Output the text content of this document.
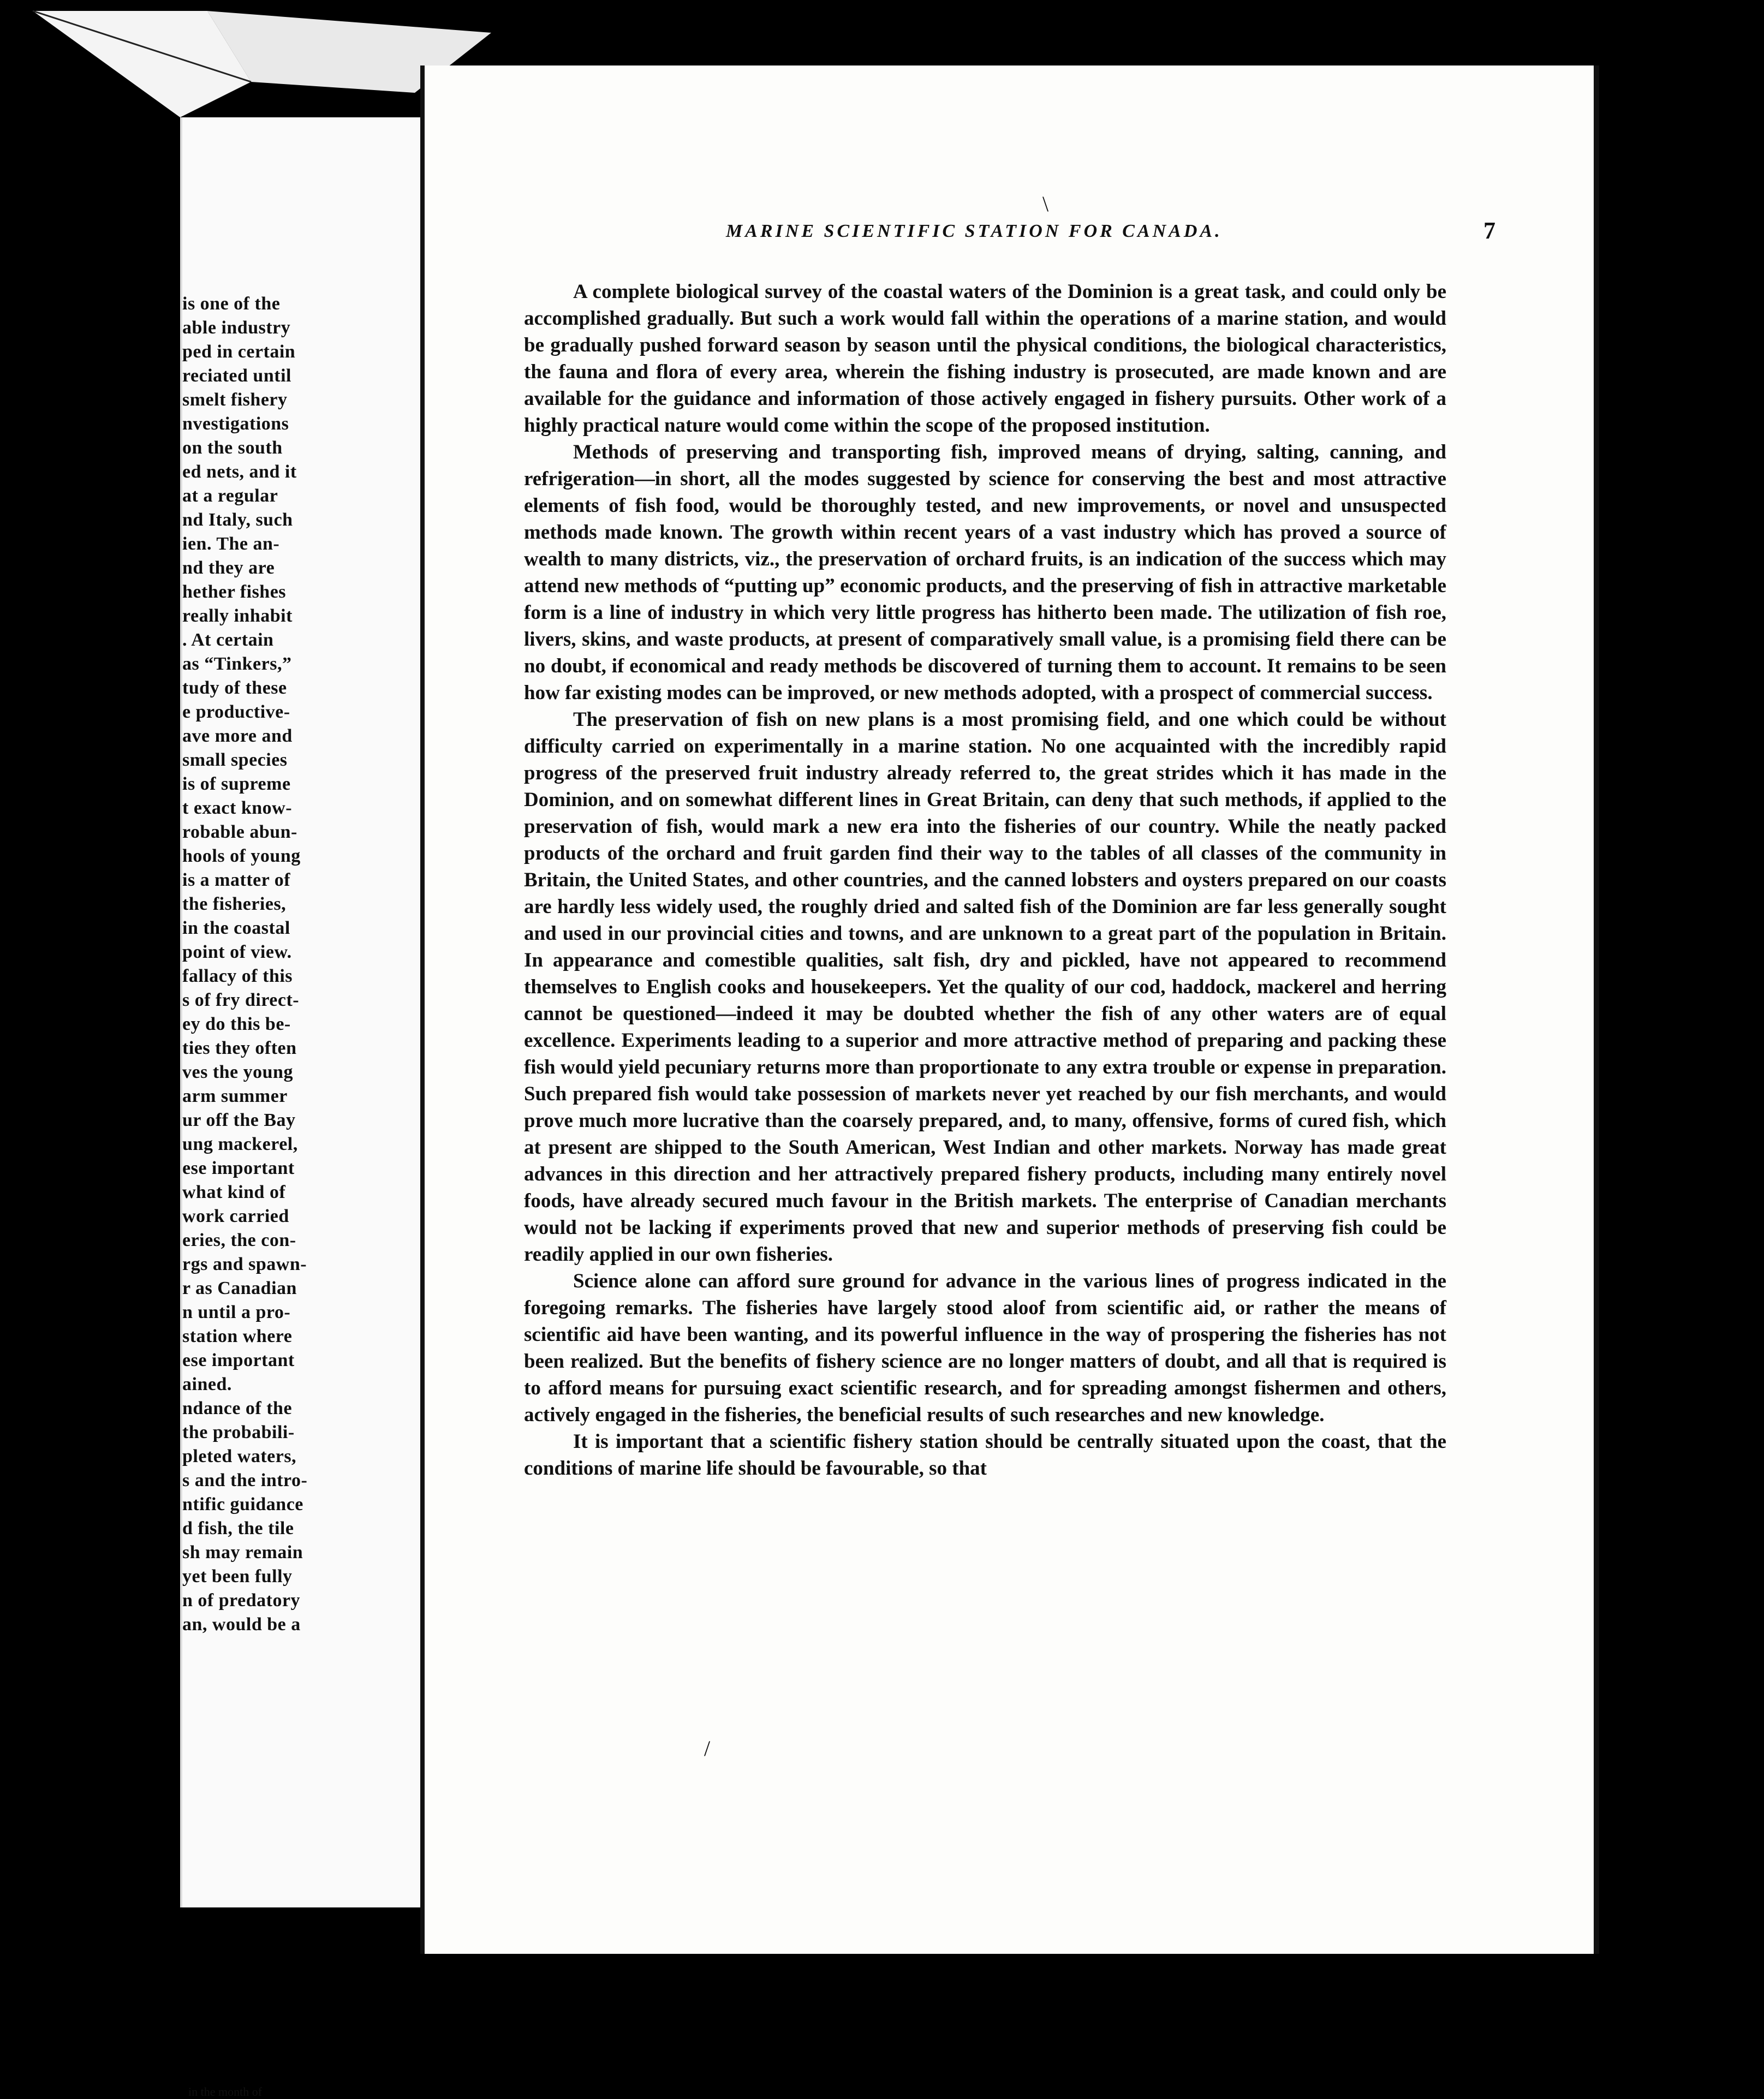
is one of the
able industry
ped in certain
reciated until
smelt fishery
nvestigations
on the south
ed nets, and it
at a regular
nd Italy, such
ien. The an-
nd they are
hether fishes
really inhabit
. At certain
as “Tinkers,”
tudy of these
e productive-
ave more and
small species
is of supreme
t exact know-
robable abun-
hools of young
is a matter of
the fisheries,
in the coastal
point of view.
fallacy of this
s of fry direct-
ey do this be-
ties they often
ves the young
arm summer
ur off the Bay
ung mackerel,
ese important
what kind of
work carried
eries, the con-
rgs and spawn-
r as Canadian
n until a pro-
station where
ese important
ained.
ndance of the
the probabili-
pleted waters,
s and the intro-
ntific guidance
d fish, the tile
sh may remain
yet been fully
n of predatory
an, would be a
in the month of
\
MARINE SCIENTIFIC STATION FOR CANADA.	7

A complete biological survey of the coastal waters of the Dominion is a great task, and could only be accomplished gradually. But such a work would fall within the operations of a marine station, and would be gradually pushed forward season by season until the physical conditions, the biological characteristics, the fauna and flora of every area, wherein the fishing industry is prosecuted, are made known and are available for the guidance and information of those actively engaged in fishery pursuits. Other work of a highly practical nature would come within the scope of the proposed institution.

Methods of preserving and transporting fish, improved means of drying, salting, canning, and refrigeration—in short, all the modes suggested by science for conserving the best and most attractive elements of fish food, would be thoroughly tested, and new improvements, or novel and unsuspected methods made known. The growth within recent years of a vast industry which has proved a source of wealth to many districts, viz., the preservation of orchard fruits, is an indication of the success which may attend new methods of “putting up” economic products, and the preserving of fish in attractive marketable form is a line of industry in which very little progress has hitherto been made. The utilization of fish roe, livers, skins, and waste products, at present of comparatively small value, is a promising field there can be no doubt, if economical and ready methods be discovered of turning them to account. It remains to be seen how far existing modes can be improved, or new methods adopted, with a prospect of commercial success.

The preservation of fish on new plans is a most promising field, and one which could be without difficulty carried on experimentally in a marine station. No one acquainted with the incredibly rapid progress of the preserved fruit industry already referred to, the great strides which it has made in the Dominion, and on somewhat different lines in Great Britain, can deny that such methods, if applied to the preservation of fish, would mark a new era into the fisheries of our country. While the neatly packed products of the orchard and fruit garden find their way to the tables of all classes of the community in Britain, the United States, and other countries, and the canned lobsters and oysters prepared on our coasts are hardly less widely used, the roughly dried and salted fish of the Dominion are far less generally sought and used in our provincial cities and towns, and are unknown to a great part of the population in Britain. In appearance and comestible qualities, salt fish, dry and pickled, have not appeared to recommend themselves to English cooks and housekeepers. Yet the quality of our cod, haddock, mackerel and herring cannot be questioned—indeed it may be doubted whether the fish of any other waters are of equal excellence. Experiments leading to a superior and more attractive method of preparing and packing these fish would yield pecuniary returns more than proportionate to any extra trouble or expense in preparation. Such prepared fish would take possession of markets never yet reached by our fish merchants, and would prove much more lucrative than the coarsely prepared, and, to many, offensive, forms of cured fish, which at present are shipped to the South American, West Indian and other markets. Norway has made great advances in this direction and her attractively prepared fishery products, including many entirely novel foods, have already secured much favour in the British markets. The enterprise of Canadian merchants would not be lacking if experiments proved that new and superior methods of preserving fish could be readily applied in our own fisheries.

Science alone can afford sure ground for advance in the various lines of progress indicated in the foregoing remarks. The fisheries have largely stood aloof from scientific aid, or rather the means of scientific aid have been wanting, and its powerful influence in the way of prospering the fisheries has not been realized. But the benefits of fishery science are no longer matters of doubt, and all that is required is to afford means for pursuing exact scientific research, and for spreading amongst fishermen and others, actively engaged in the fisheries, the beneficial results of such researches and new knowledge.

It is important that a scientific fishery station should be centrally situated upon the coast, that the conditions of marine life should be favourable, so that

/
